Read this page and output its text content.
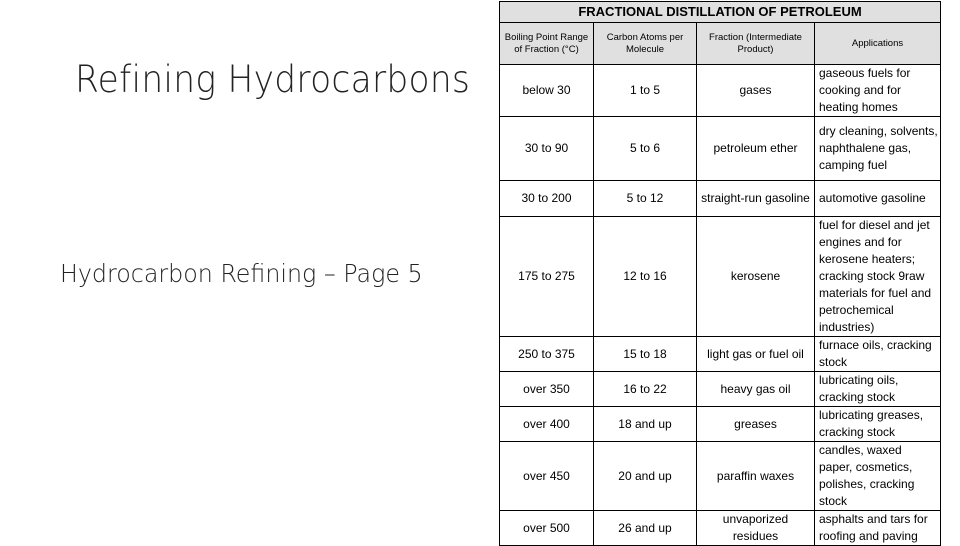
Refining Hydrocarbons
Hydrocarbon Refining – Page 5
FRACTIONAL DISTILLATION OF PETROLEUM			
Boiling Point Range of Fraction (°C)	Carbon Atoms per Molecule	Fraction (Intermediate Product)	Applications
below 30	1 to 5	gases	gaseous fuels for cooking and for heating homes
30 to 90	5 to 6	petroleum ether	dry cleaning, solvents, naphthalene gas, camping fuel
30 to 200	5 to 12	straight-run gasoline	automotive gasoline
175 to 275	12 to 16	kerosene	fuel for diesel and jet engines and for kerosene heaters; cracking stock 9raw materials for fuel and petrochemical industries)
250 to 375	15 to 18	light gas or fuel oil	furnace oils, cracking stock
over 350	16 to 22	heavy gas oil	lubricating oils, cracking stock
over 400	18 and up	greases	lubricating greases, cracking stock
over 450	20 and up	paraffin waxes	candles, waxed paper, cosmetics, polishes, cracking stock
over 500	26 and up	unvaporized residues	asphalts and tars for roofing and paving
